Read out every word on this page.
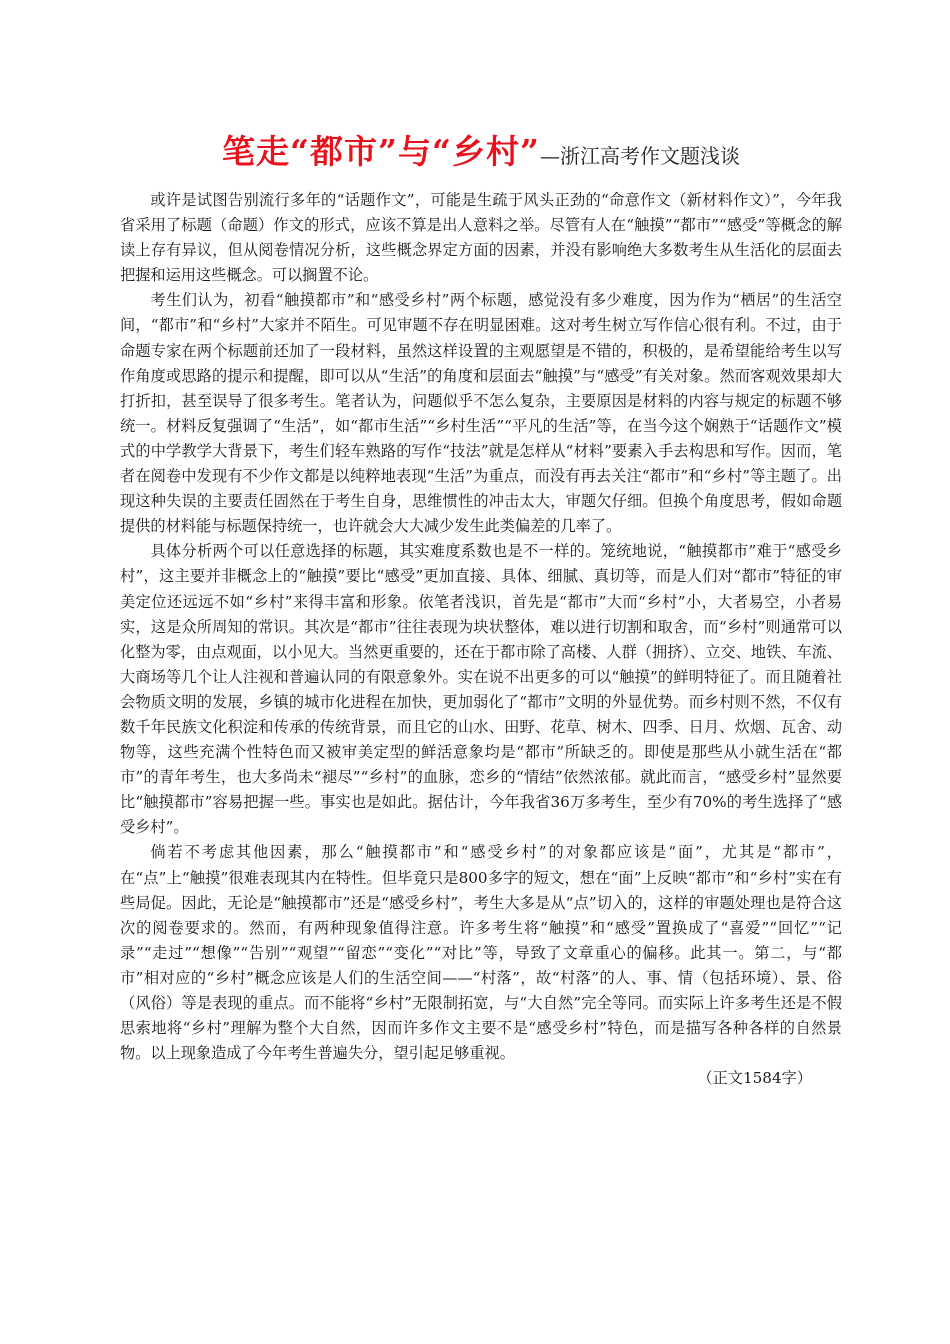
笔走“都市”与“乡村”—浙江高考作文题浅谈

或许是试图告别流行多年的“话题作文”，可能是生疏于风头正劲的“命意作文（新材料作文）”，今年我省采用了标题（命题）作文的形式，应该不算是出人意料之举。尽管有人在“触摸”“都市”“感受”等概念的解读上存有异议，但从阅卷情况分析，这些概念界定方面的因素，并没有影响绝大多数考生从生活化的层面去把握和运用这些概念。可以搁置不论。

考生们认为，初看“触摸都市”和“感受乡村”两个标题，感觉没有多少难度，因为作为“栖居”的生活空间，“都市”和“乡村”大家并不陌生。可见审题不存在明显困难。这对考生树立写作信心很有利。不过，由于命题专家在两个标题前还加了一段材料，虽然这样设置的主观愿望是不错的，积极的，是希望能给考生以写作角度或思路的提示和提醒，即可以从“生活”的角度和层面去“触摸”与“感受”有关对象。然而客观效果却大打折扣，甚至误导了很多考生。笔者认为，问题似乎不怎么复杂，主要原因是材料的内容与规定的标题不够统一。材料反复强调了“生活”，如“都市生活”“乡村生活”“平凡的生活”等，在当今这个娴熟于“话题作文”模式的中学教学大背景下，考生们轻车熟路的写作“技法”就是怎样从“材料”要素入手去构思和写作。因而，笔者在阅卷中发现有不少作文都是以纯粹地表现“生活”为重点，而没有再去关注“都市”和“乡村”等主题了。出现这种失误的主要责任固然在于考生自身，思维惯性的冲击太大，审题欠仔细。但换个角度思考，假如命题提供的材料能与标题保持统一，也许就会大大减少发生此类偏差的几率了。

具体分析两个可以任意选择的标题，其实难度系数也是不一样的。笼统地说，“触摸都市”难于“感受乡村”，这主要并非概念上的“触摸”要比“感受”更加直接、具体、细腻、真切等，而是人们对“都市”特征的审美定位还远远不如“乡村”来得丰富和形象。依笔者浅识，首先是“都市”大而“乡村”小，大者易空，小者易实，这是众所周知的常识。其次是“都市”往往表现为块状整体，难以进行切割和取舍，而“乡村”则通常可以化整为零，由点观面，以小见大。当然更重要的，还在于都市除了高楼、人群（拥挤）、立交、地铁、车流、大商场等几个让人注视和普遍认同的有限意象外。实在说不出更多的可以“触摸”的鲜明特征了。而且随着社会物质文明的发展，乡镇的城市化进程在加快，更加弱化了“都市”文明的外显优势。而乡村则不然，不仅有数千年民族文化积淀和传承的传统背景，而且它的山水、田野、花草、树木、四季、日月、炊烟、瓦舍、动物等，这些充满个性特色而又被审美定型的鲜活意象均是“都市”所缺乏的。即使是那些从小就生活在“都市”的青年考生，也大多尚未“褪尽”“乡村”的血脉，恋乡的“情结”依然浓郁。就此而言，“感受乡村”显然要比“触摸都市”容易把握一些。事实也是如此。据估计，今年我省36万多考生，至少有70%的考生选择了“感受乡村”。

倘若不考虑其他因素，那么“触摸都市”和“感受乡村”的对象都应该是“面”，尤其是“都市”，在“点”上“触摸”很难表现其内在特性。但毕竟只是800多字的短文，想在“面”上反映“都市”和“乡村”实在有些局促。因此，无论是“触摸都市”还是“感受乡村”，考生大多是从“点”切入的，这样的审题处理也是符合这次的阅卷要求的。然而，有两种现象值得注意。许多考生将“触摸”和“感受”置换成了“喜爱”“回忆”“记录”“走过”“想像”“告别”“观望”“留恋”“变化”“对比”等，导致了文章重心的偏移。此其一。第二，与“都市”相对应的“乡村”概念应该是人们的生活空间——“村落”，故“村落”的人、事、情（包括环境）、景、俗（风俗）等是表现的重点。而不能将“乡村”无限制拓宽，与“大自然”完全等同。而实际上许多考生还是不假思索地将“乡村”理解为整个大自然，因而许多作文主要不是“感受乡村”特色，而是描写各种各样的自然景物。以上现象造成了今年考生普遍失分，望引起足够重视。

（正文1584字）
